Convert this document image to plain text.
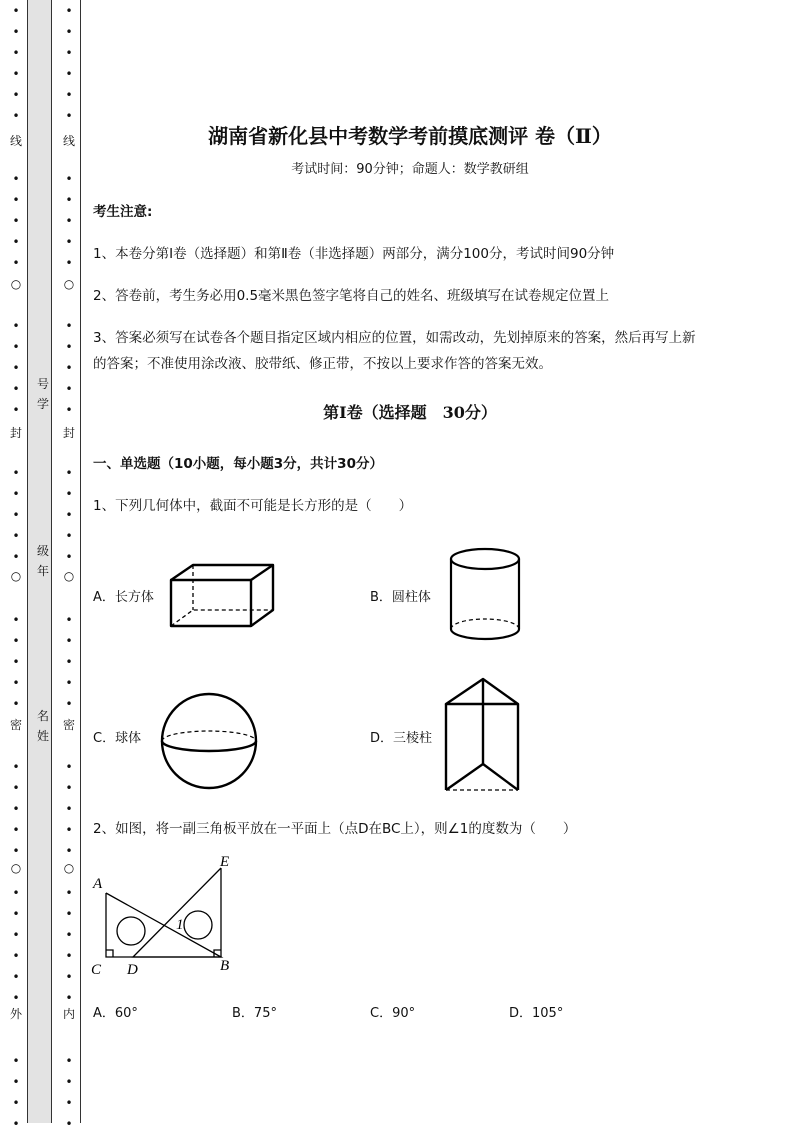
•
•
•
•
•
•
•
•
•
•
•
•
•
•
•
•
•
•
•
•
•
•
•
•
•
•
•
•
•
•
•
•
•
•
•
•
•
•
•
•
•
•
•
•
•
•
•
•
•
•
•
•
•
•
•
•
•
•
•
•
•
•
•
•
•
•
•
•
•
•
•
•
•
•
•
•
•
•
•
•
•
•
线	线
○	○
封	封
○	○
密	密
○	○
外	内
号
学
级
年
名
姓
湖南省新化县中考数学考前摸底测评 卷（Ⅱ）
考试时间：90分钟；命题人：数学教研组
考生注意:
1、本卷分第Ⅰ卷（选择题）和第Ⅱ卷（非选择题）两部分，满分100分，考试时间90分钟
2、答卷前，考生务必用0.5毫米黑色签字笔将自己的姓名、班级填写在试卷规定位置上
3、答案必须写在试卷各个题目指定区域内相应的位置，如需改动，先划掉原来的答案，然后再写上新
的答案；不准使用涂改液、胶带纸、修正带，不按以上要求作答的答案无效。
第Ⅰ卷（选择题　30分）
一、单选题（10小题，每小题3分，共计30分）
1、下列几何体中，截面不可能是长方形的是（　　）
A．长方体	B．圆柱体
C．球体	D．三棱柱
2、如图，将一副三角板平放在一平面上（点D在BC上），则∠1的度数为（　　）
A
E
C D	B
1
A．60°	B．75°	C．90°	D．105°
